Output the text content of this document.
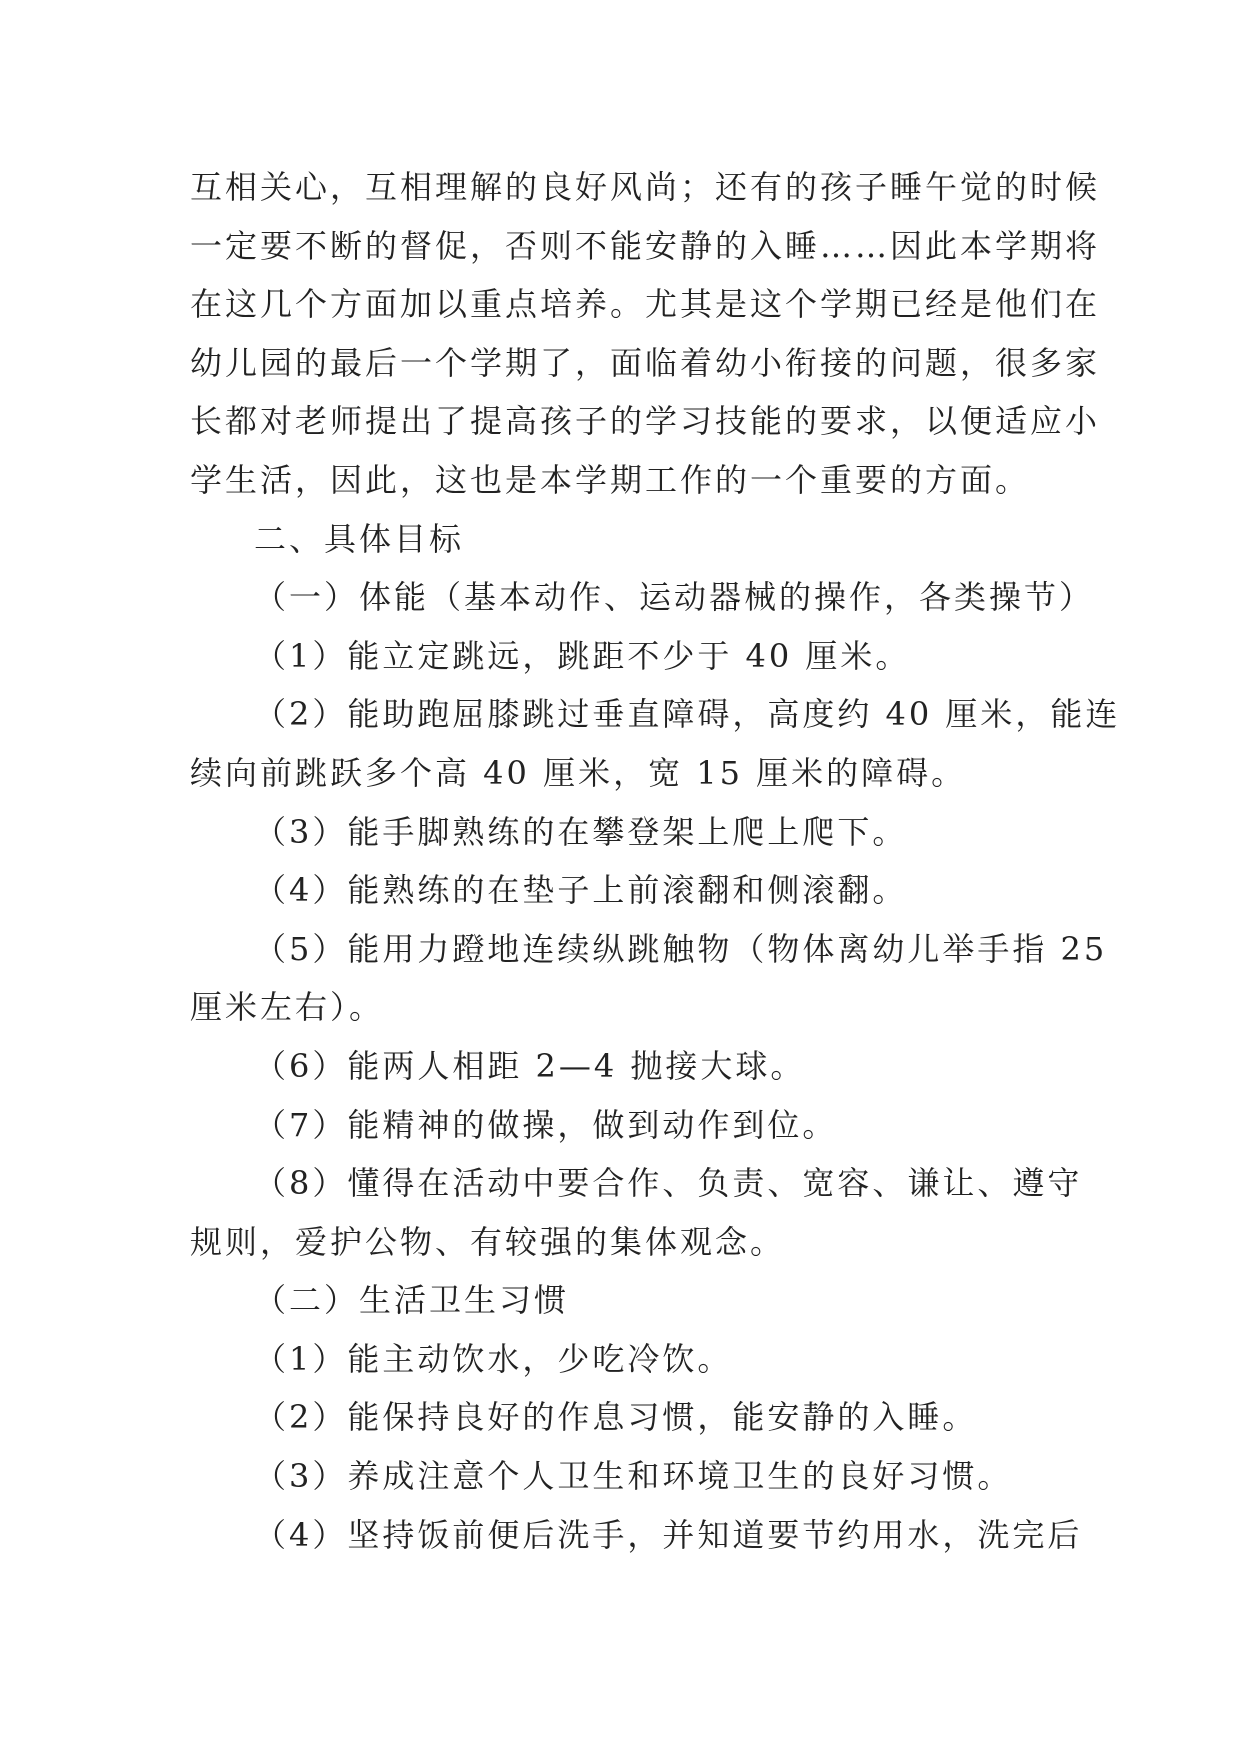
互相关心，互相理解的良好风尚；还有的孩子睡午觉的时候
一定要不断的督促，否则不能安静的入睡……因此本学期将
在这几个方面加以重点培养。尤其是这个学期已经是他们在
幼儿园的最后一个学期了，面临着幼小衔接的问题，很多家
长都对老师提出了提高孩子的学习技能的要求，以便适应小
学生活，因此，这也是本学期工作的一个重要的方面。
二、具体目标
（一）体能（基本动作、运动器械的操作，各类操节）
（1）能立定跳远，跳距不少于 40 厘米。
（2）能助跑屈膝跳过垂直障碍，高度约 40 厘米，能连
续向前跳跃多个高 40 厘米，宽 15 厘米的障碍。
（3）能手脚熟练的在攀登架上爬上爬下。
（4）能熟练的在垫子上前滚翻和侧滚翻。
（5）能用力蹬地连续纵跳触物（物体离幼儿举手指 25
厘米左右）。
（6）能两人相距 2—4 抛接大球。
（7）能精神的做操，做到动作到位。
（8）懂得在活动中要合作、负责、宽容、谦让、遵守
规则，爱护公物、有较强的集体观念。
（二）生活卫生习惯
（1）能主动饮水，少吃冷饮。
（2）能保持良好的作息习惯，能安静的入睡。
（3）养成注意个人卫生和环境卫生的良好习惯。
（4）坚持饭前便后洗手，并知道要节约用水，洗完后
